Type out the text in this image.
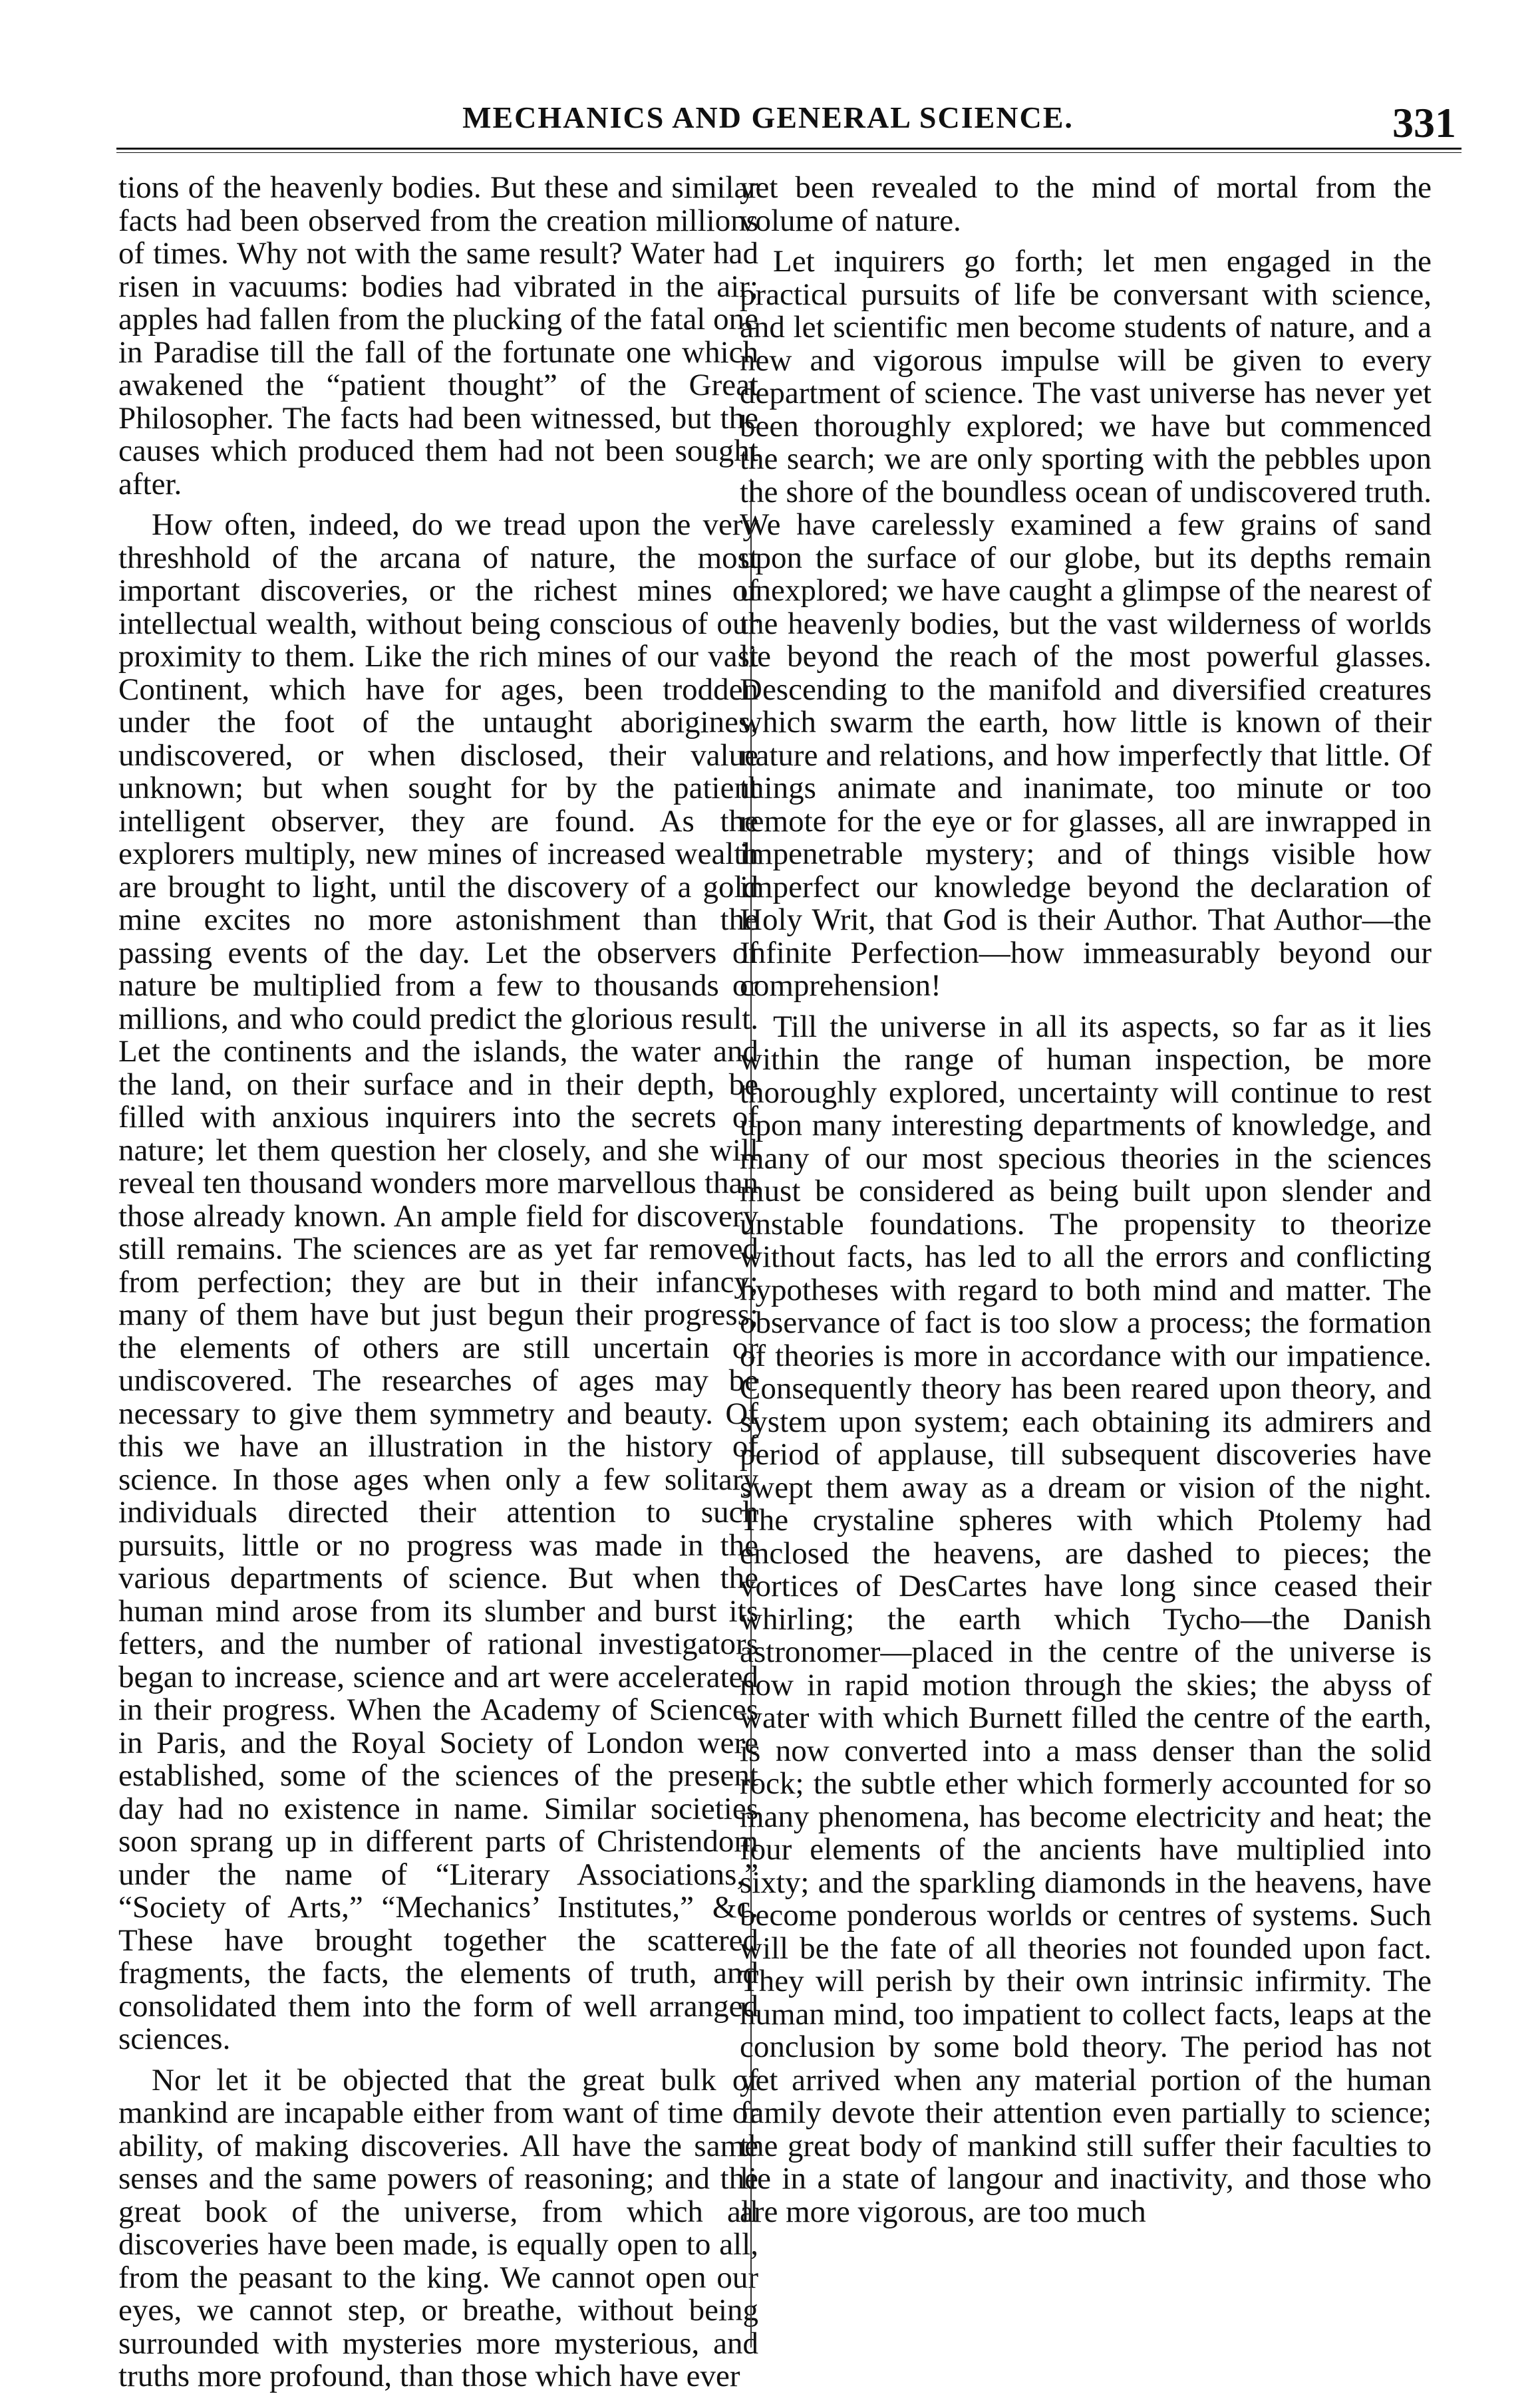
MECHANICS AND GENERAL SCIENCE.	331

tions of the heavenly bodies. But these and similar facts had been observed from the creation millions of times. Why not with the same result? Water had risen in vacuums: bodies had vibrated in the air; apples had fallen from the plucking of the fatal one in Paradise till the fall of the fortunate one which awakened the “patient thought” of the Great Philosopher. The facts had been witnessed, but the causes which produced them had not been sought after.

How often, indeed, do we tread upon the very threshhold of the arcana of nature, the most important discoveries, or the richest mines of intellectual wealth, without being conscious of our proximity to them. Like the rich mines of our vast Continent, which have for ages, been trodden under the foot of the untaught aborigines, undiscovered, or when disclosed, their value unknown; but when sought for by the patient intelligent observer, they are found. As the explorers multiply, new mines of increased wealth are brought to light, until the discovery of a gold mine excites no more astonishment than the passing events of the day. Let the observers of nature be multiplied from a few to thousands or millions, and who could predict the glorious result. Let the continents and the islands, the water and the land, on their surface and in their depth, be filled with anxious inquirers into the secrets of nature; let them question her closely, and she will reveal ten thousand wonders more marvellous than those already known. An ample field for discovery still remains. The sciences are as yet far removed from perfection; they are but in their infancy; many of them have but just begun their progress; the elements of others are still uncertain or undiscovered. The researches of ages may be necessary to give them symmetry and beauty. Of this we have an illustration in the history of science. In those ages when only a few solitary individuals directed their attention to such pursuits, little or no progress was made in the various departments of science. But when the human mind arose from its slumber and burst its fetters, and the number of rational investigators began to increase, science and art were accelerated in their progress. When the Academy of Sciences in Paris, and the Royal Society of London were established, some of the sciences of the present day had no existence in name. Similar societies soon sprang up in different parts of Christendom under the name of “Literary Associations,” “Society of Arts,” “Mechanics’ Institutes,” &c. These have brought together the scattered fragments, the facts, the elements of truth, and consolidated them into the form of well arranged sciences.

Nor let it be objected that the great bulk of mankind are incapable either from want of time or ability, of making discoveries. All have the same senses and the same powers of reasoning; and the great book of the universe, from which all discoveries have been made, is equally open to all, from the peasant to the king. We cannot open our eyes, we cannot step, or breathe, without being surrounded with mysteries more mysterious, and truths more profound, than those which have ever

yet been revealed to the mind of mortal from the volume of nature.

Let inquirers go forth; let men engaged in the practical pursuits of life be conversant with science, and let scientific men become students of nature, and a new and vigorous impulse will be given to every department of science. The vast universe has never yet been thoroughly explored; we have but commenced the search; we are only sporting with the pebbles upon the shore of the boundless ocean of undiscovered truth. We have carelessly examined a few grains of sand upon the surface of our globe, but its depths remain unexplored; we have caught a glimpse of the nearest of the heavenly bodies, but the vast wilderness of worlds lie beyond the reach of the most powerful glasses. Descending to the manifold and diversified creatures which swarm the earth, how little is known of their nature and relations, and how imperfectly that little. Of things animate and inanimate, too minute or too remote for the eye or for glasses, all are inwrapped in impenetrable mystery; and of things visible how imperfect our knowledge beyond the declaration of Holy Writ, that God is their Author. That Author—the Infinite Perfection—how immeasurably beyond our comprehension!

Till the universe in all its aspects, so far as it lies within the range of human inspection, be more thoroughly explored, uncertainty will continue to rest upon many interesting departments of knowledge, and many of our most specious theories in the sciences must be considered as being built upon slender and unstable foundations. The propensity to theorize without facts, has led to all the errors and conflicting hypotheses with regard to both mind and matter. The observance of fact is too slow a process; the formation of theories is more in accordance with our impatience. Consequently theory has been reared upon theory, and system upon system; each obtaining its admirers and period of applause, till subsequent discoveries have swept them away as a dream or vision of the night. The crystaline spheres with which Ptolemy had enclosed the heavens, are dashed to pieces; the vortices of DesCartes have long since ceased their whirling; the earth which Tycho—the Danish astronomer—placed in the centre of the universe is now in rapid motion through the skies; the abyss of water with which Burnett filled the centre of the earth, is now converted into a mass denser than the solid rock; the subtle ether which formerly accounted for so many phenomena, has become electricity and heat; the four elements of the ancients have multiplied into sixty; and the sparkling diamonds in the heavens, have become ponderous worlds or centres of systems. Such will be the fate of all theories not founded upon fact. They will perish by their own intrinsic infirmity. The human mind, too impatient to collect facts, leaps at the conclusion by some bold theory. The period has not yet arrived when any material portion of the human family devote their attention even partially to science; the great body of mankind still suffer their faculties to lie in a state of langour and inactivity, and those who are more vigorous, are too much
